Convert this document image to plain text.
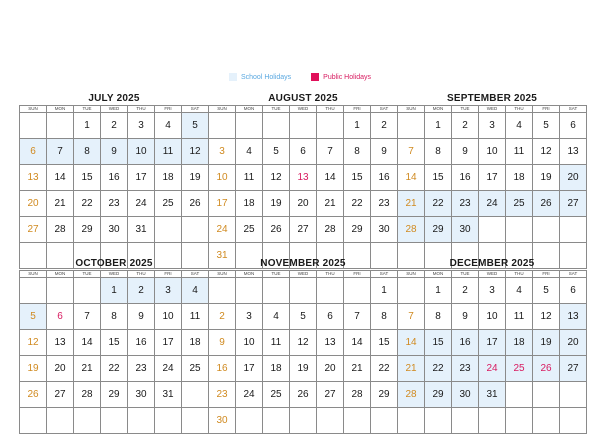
School Holidays	Public Holidays
JULY 2025
SUN	MON	TUE	WED	THU	FRI	SAT
		1	2	3	4	5
6	7	8	9	10	11	12
13	14	15	16	17	18	19
20	21	22	23	24	25	26
27	28	29	30	31		

AUGUST 2025
SUN	MON	TUE	WED	THU	FRI	SAT
					1	2
3	4	5	6	7	8	9
10	11	12	13	14	15	16
17	18	19	20	21	22	23
24	25	26	27	28	29	30
31						
SEPTEMBER 2025
SUN	MON	TUE	WED	THU	FRI	SAT
	1	2	3	4	5	6
7	8	9	10	11	12	13
14	15	16	17	18	19	20
21	22	23	24	25	26	27
28	29	30				

OCTOBER 2025
SUN	MON	TUE	WED	THU	FRI	SAT
			1	2	3	4
5	6	7	8	9	10	11
12	13	14	15	16	17	18
19	20	21	22	23	24	25
26	27	28	29	30	31	

NOVEMBER 2025
SUN	MON	TUE	WED	THU	FRI	SAT
						1
2	3	4	5	6	7	8
9	10	11	12	13	14	15
16	17	18	19	20	21	22
23	24	25	26	27	28	29
30						
DECEMBER 2025
SUN	MON	TUE	WED	THU	FRI	SAT
	1	2	3	4	5	6
7	8	9	10	11	12	13
14	15	16	17	18	19	20
21	22	23	24	25	26	27
28	29	30	31			
